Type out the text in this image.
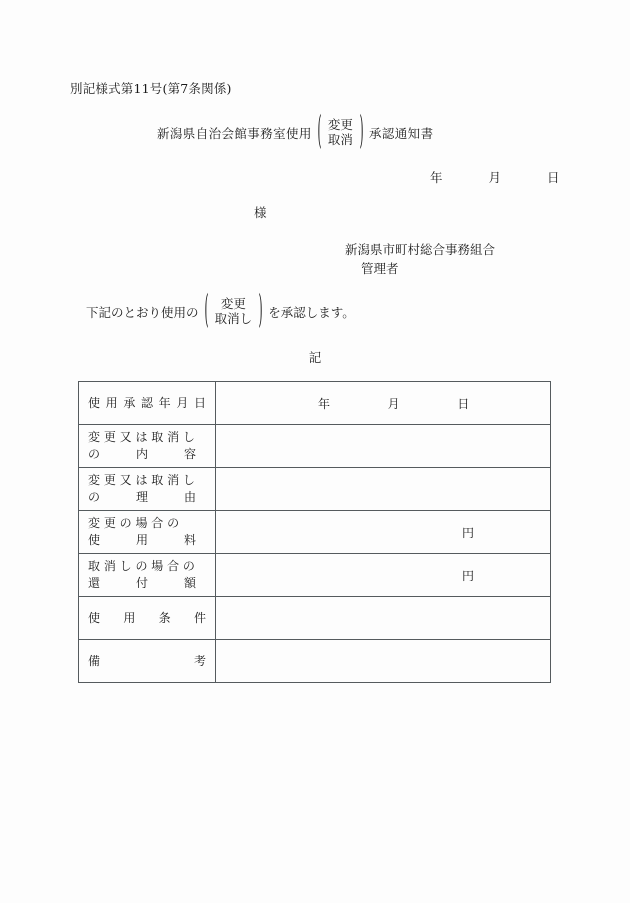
別記様式第11号(第7条関係)
新潟県自治会館事務室使用 ( 変更
取消 ) 承認通知書
年	月	日
様
新潟県市町村総合事務組合
管理者
下記のとおり使用の ( 変更
取消し ) を承認します。
記
使 用 承 認 年 月 日	年 月 日

変 更 又 は 取 消 し
の　　　内　　　容	

変 更 又 は 取 消 し
の　　　理　　　由	

変 更 の 場 合 の
使　　　用　　　料	円

取 消 し の 場 合 の
還　　　付　　　額	円

使　用　条　件	

備　　　　　考	
